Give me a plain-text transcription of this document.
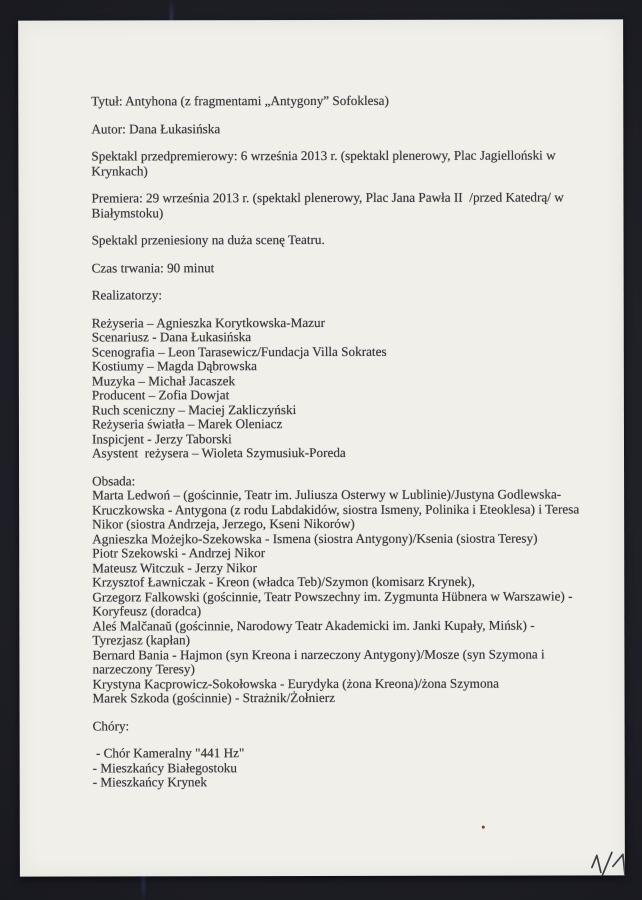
Tytuł: Antyhona (z fragmentami „Antygony” Sofoklesa)
Autor: Dana Łukasińska
Spektakl przedpremierowy: 6 września 2013 r. (spektakl plenerowy, Plac Jagielloński w
Krynkach)
Premiera: 29 września 2013 r. (spektakl plenerowy, Plac Jana Pawła II  /przed Katedrą/ w
Białymstoku)
Spektakl przeniesiony na duża scenę Teatru.
Czas trwania: 90 minut
Realizatorzy:
Reżyseria – Agnieszka Korytkowska-Mazur
Scenariusz - Dana Łukasińska
Scenografia – Leon Tarasewicz/Fundacja Villa Sokrates
Kostiumy – Magda Dąbrowska
Muzyka – Michał Jacaszek
Producent – Zofia Dowjat
Ruch sceniczny – Maciej Zakliczyński
Reżyseria światła – Marek Oleniacz
Inspicjent - Jerzy Taborski
Asystent  reżysera – Wioleta Szymusiuk-Poreda
Obsada:
Marta Ledwoń – (gościnnie, Teatr im. Juliusza Osterwy w Lublinie)/Justyna Godlewska-
Kruczkowska - Antygona (z rodu Labdakidów, siostra Ismeny, Polinika i Eteoklesa) i Teresa
Nikor (siostra Andrzeja, Jerzego, Kseni Nikorów)
Agnieszka Możejko-Szekowska - Ismena (siostra Antygony)/Ksenia (siostra Teresy)
Piotr Szekowski - Andrzej Nikor
Mateusz Witczuk - Jerzy Nikor
Krzysztof Ławniczak - Kreon (władca Teb)/Szymon (komisarz Krynek),
Grzegorz Falkowski (gościnnie, Teatr Powszechny im. Zygmunta Hübnera w Warszawie) -
Koryfeusz (doradca)
Aleś Malčanaŭ (gościnnie, Narodowy Teatr Akademicki im. Janki Kupały, Mińsk) -
Tyrezjasz (kapłan)
Bernard Bania - Hajmon (syn Kreona i narzeczony Antygony)/Mosze (syn Szymona i
narzeczony Teresy)
Krystyna Kacprowicz-Sokołowska - Eurydyka (żona Kreona)/żona Szymona
Marek Szkoda (gościnnie) - Strażnik/Żołnierz
Chóry:
- Chór Kameralny "441 Hz"
- Mieszkańcy Białegostoku
- Mieszkańcy Krynek
